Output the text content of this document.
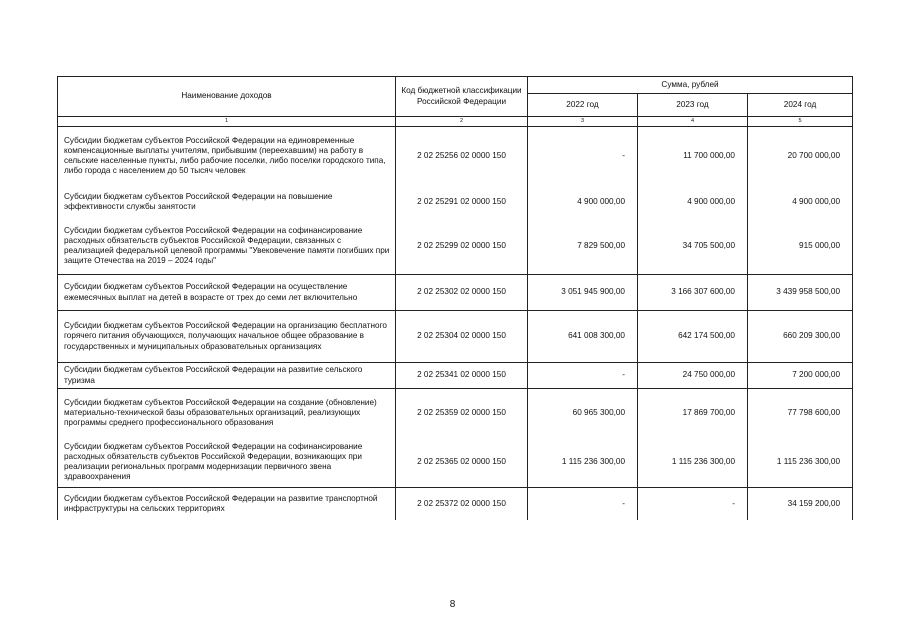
Наименование доходов	Код бюджетной классификации Российской Федерации	Сумма, рублей		
		2022 год	2023 год	2024 год
1	2	3	4	5
Субсидии бюджетам субъектов Российской Федерации на единовременные компенсационные выплаты учителям, прибывшим (переехавшим) на работу в сельские населенные пункты, либо рабочие поселки, либо поселки городского типа, либо города с населением до 50 тысяч человек	2 02 25256 02 0000 150	-	11 700 000,00	20 700 000,00
Субсидии бюджетам субъектов Российской Федерации на повышение эффективности службы занятости	2 02 25291 02 0000 150	4 900 000,00	4 900 000,00	4 900 000,00
Субсидии бюджетам субъектов Российской Федерации на софинансирование расходных обязательств субъектов Российской Федерации, связанных с реализацией федеральной целевой программы "Увековечение памяти погибших при защите Отечества на 2019 – 2024 годы"	2 02 25299 02 0000 150	7 829 500,00	34 705 500,00	915 000,00
Субсидии бюджетам субъектов Российской Федерации на осуществление ежемесячных выплат на детей в возрасте от трех до семи лет включительно	2 02 25302 02 0000 150	3 051 945 900,00	3 166 307 600,00	3 439 958 500,00
Субсидии бюджетам субъектов Российской Федерации на организацию бесплатного горячего питания обучающихся, получающих начальное общее образование в государственных и муниципальных образовательных организациях	2 02 25304 02 0000 150	641 008 300,00	642 174 500,00	660 209 300,00
Субсидии бюджетам субъектов Российской Федерации на развитие сельского туризма	2 02 25341 02 0000 150	-	24 750 000,00	7 200 000,00
Субсидии бюджетам субъектов Российской Федерации на создание (обновление) материально-технической базы образовательных организаций, реализующих программы среднего профессионального образования	2 02 25359 02 0000 150	60 965 300,00	17 869 700,00	77 798 600,00
Субсидии бюджетам субъектов Российской Федерации на софинансирование расходных обязательств субъектов Российской Федерации, возникающих при реализации региональных программ модернизации первичного звена здравоохранения	2 02 25365 02 0000 150	1 115 236 300,00	1 115 236 300,00	1 115 236 300,00
Субсидии бюджетам субъектов Российской Федерации на развитие транспортной инфраструктуры на сельских территориях	2 02 25372 02 0000 150	-	-	34 159 200,00
8
